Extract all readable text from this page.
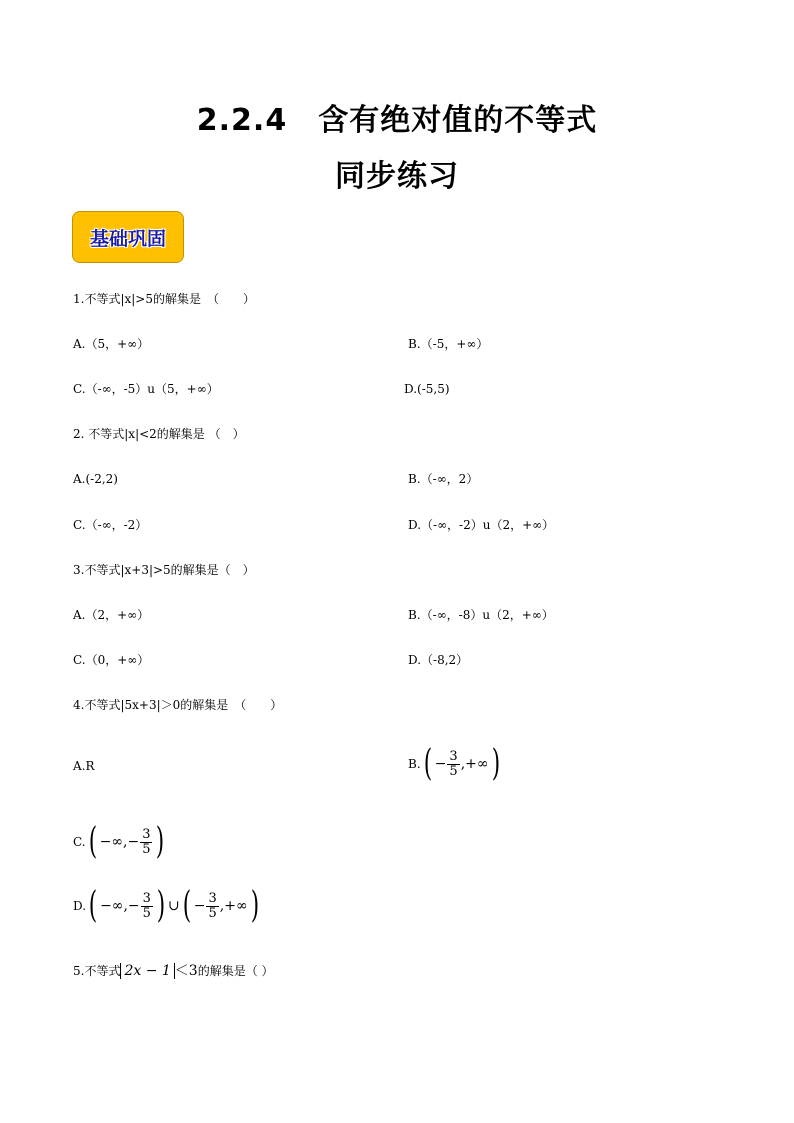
2.2.4　含有绝对值的不等式
同步练习
基础巩固
1.不等式|x|>5的解集是　（　　）
A.（5，+∞）	B.（-5，+∞）
C.（-∞，-5）u（5，+∞）	D.(-5,5)
2. 不等式|x|<2的解集是 （　）
A.(-2,2)	B.（-∞，2）
C.（-∞，-2）	D.（-∞，-2）u（2，+∞）
3.不等式|x+3|>5的解集是（　）
A.（2，+∞）	B.（-∞，-8）u（2，+∞）
C.（0，+∞）	D.（-8,2）
4.不等式|5x+3|＞0的解集是　（　　）
A.R	B. ( − $\frac{3}{5}$ ,+∞ )
C. ( −∞,− $\frac{3}{5}$ )
D. ( −∞,− $\frac{3}{5}$ ) ∪ ( − $\frac{3}{5}$ ,+∞ )
5.不等式 2x − 1 ＜3 的解集是（ ）
